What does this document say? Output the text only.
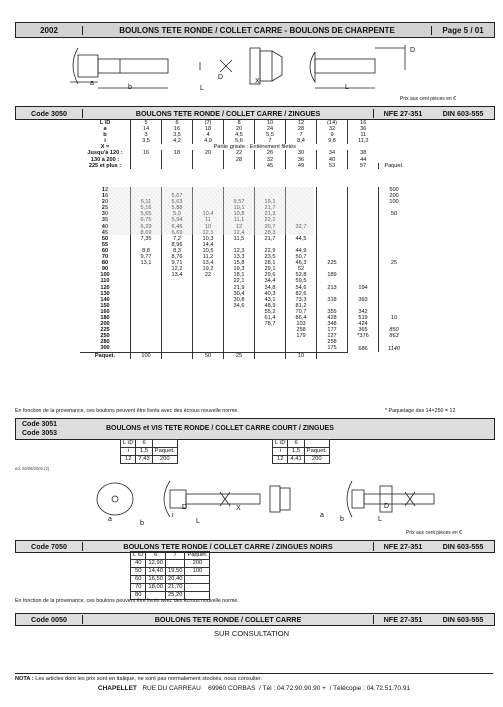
2002	BOULONS TETE RONDE / COLLET CARRE - BOULONS DE CHARPENTE	Page 5 / 01
a
b
D
L
X
D
L
Prix aux cent pièces en €
Code 3050	BOULONS TETE RONDE / COLLET CARRE / ZINGUES	NFE 27-351	DIN 603-555
L \D	5	6	(7)	8	10	12	(14)	16	
a	14	16	18	20	24	28	32	36	
b	3	3,5	4	4,5	5,5	7	9	11	
i	3,5	4,2	4,9	5,6	7	8,4	9,8	11,2	
X =	Partie grisée : Entièrement filetés								
Jusqu'à 120 :	16	18	20	22	26	30	34	38	
130 à 200 :				28	32	36	40	44	
225 et plus :					45	49	53	57	Paquet.
12									500
16		5,67							200
20	6,11	5,63		9,57	19,1				100
25	5,16	5,88		10,1	21,7				
30	5,65	5,9	10,4	10,8	21,3				50
35	6,75	5,94	11	11,1	22,1				
40	6,29	6,46	10	12	20,7	32,7			
45	8,69	6,69	12,1	12,4	28,3				
50	7,35	7,2	10,3	11,5	21,7	44,5			
55		8,96	14,4						
60	8,8	8,3	10,5	12,3	22,9	44,9			
70	9,77	8,76	11,2	13,3	23,5	50,7			
80	13,1	9,71	13,4	15,8	28,1	46,3	225		25
90		12,2	19,2	19,3	29,1	52			
100		13,4	22	18,1	29,6	52,8	189		
110				22,1	34,4	59,5			
120				21,9	34,8	54,6	213	194	
130				30,4	40,3	82,6			
140				30,8	43,1	73,3	318	393	
150				34,6	48,9	81,2			
160					55,2	70,7	355	342	
180					61,4	86,4	428	519	10
200					78,7	103	348	424	
225						258	177	365	850
250						179	127	*376	863
280							258		
300							175	686	1140
Paquet.	100		50	25		10			
En fonction de la provenance, ces boulons peuvent être livrés avec des écrous nouvelle norme.	* Paquetage des 14×250 = 12
Code 3051
Code 3053
BOULONS et VIS TETE RONDE / COLLET CARRE COURT / ZINGUES
L \D	6	
i	1,5	Paquet.
12	7,43	200
L \D	6	
i	1,5	Paquet.
12	4,41	200
ed. 26/09/2002 (2)
a
b
i
D
L
X
a
b
D
L
Prix aux cent pièces en €
Code 7050	BOULONS TETE RONDE / COLLET CARRE / ZINGUES NOIRS	NFE 27-351	DIN 603-555
L \D	6	7	Paquet.
40	12,90		200
50	14,40	19,50	100
60	16,50	20,40	
70	18,00	21,70	
80		25,20	
En fonction de la provenance, ces boulons peuvent être livrés avec des écrous nouvelle norme.
Code 0050	BOULONS TETE RONDE / COLLET CARRE	NFE 27-351	DIN 603-555
SUR CONSULTATION
NOTA : Les articles dont les prix sont en italique, ne sont pas normalement stockés, nous consulter.
CHAPELLET RUE DU CARREAU 69960 CORBAS / Tél : 04.72.90.90.90 + / Télécopie : 04.72.51.70.91
